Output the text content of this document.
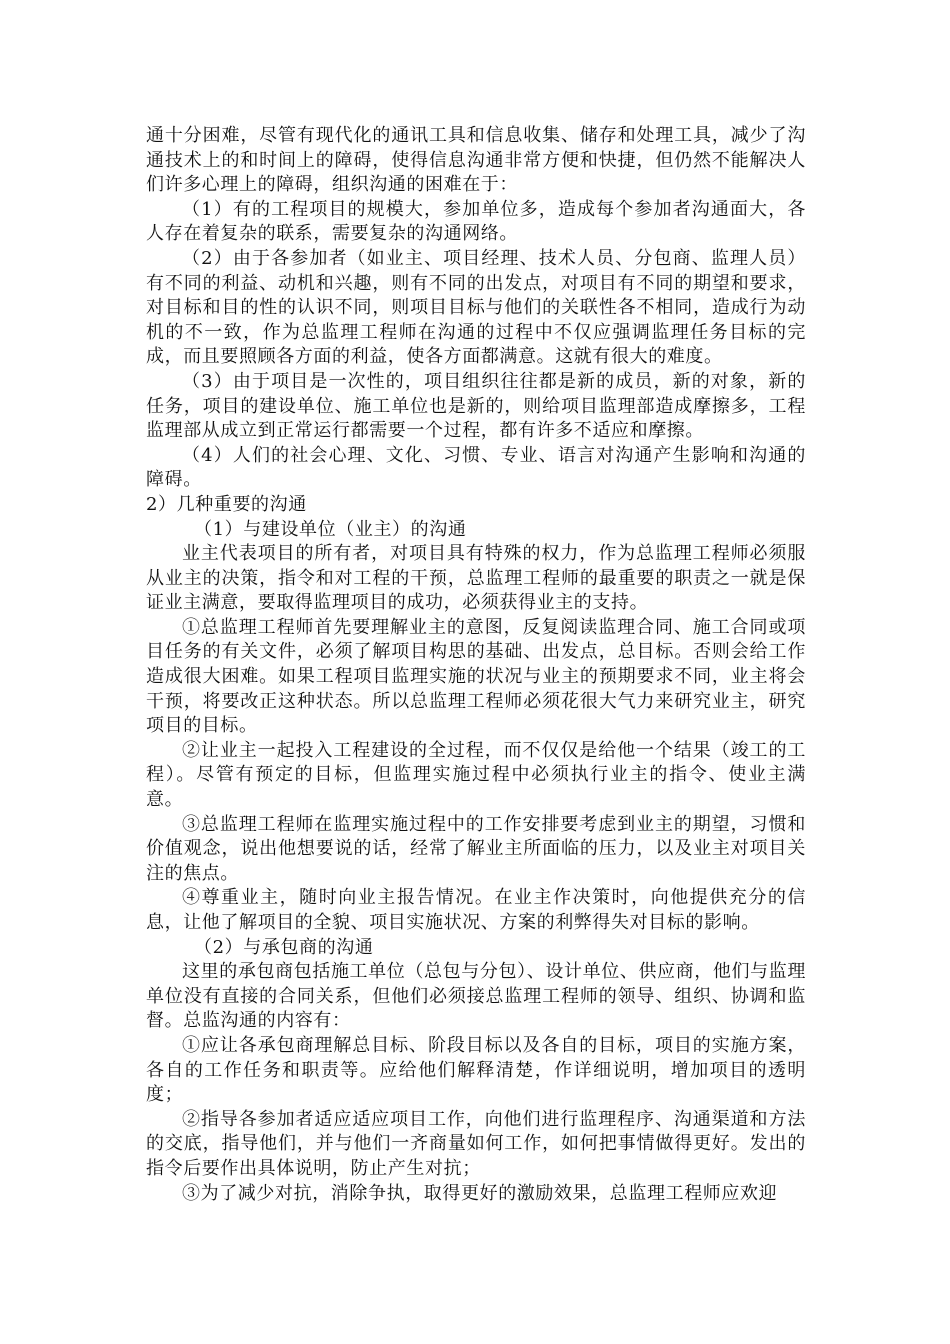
通十分困难，尽管有现代化的通讯工具和信息收集、储存和处理工具，减少了沟通技术上的和时间上的障碍，使得信息沟通非常方便和快捷，但仍然不能解决人们许多心理上的障碍，组织沟通的困难在于：

（1）有的工程项目的规模大，参加单位多，造成每个参加者沟通面大，各人存在着复杂的联系，需要复杂的沟通网络。

（2）由于各参加者（如业主、项目经理、技术人员、分包商、监理人员）有不同的利益、动机和兴趣，则有不同的出发点，对项目有不同的期望和要求，对目标和目的性的认识不同，则项目目标与他们的关联性各不相同，造成行为动机的不一致，作为总监理工程师在沟通的过程中不仅应强调监理任务目标的完成，而且要照顾各方面的利益，使各方面都满意。这就有很大的难度。

（3）由于项目是一次性的，项目组织往往都是新的成员，新的对象，新的任务，项目的建设单位、施工单位也是新的，则给项目监理部造成摩擦多，工程监理部从成立到正常运行都需要一个过程，都有许多不适应和摩擦。

（4）人们的社会心理、文化、习惯、专业、语言对沟通产生影响和沟通的障碍。

2）几种重要的沟通

（1）与建设单位（业主）的沟通

业主代表项目的所有者，对项目具有特殊的权力，作为总监理工程师必须服从业主的决策，指令和对工程的干预，总监理工程师的最重要的职责之一就是保证业主满意，要取得监理项目的成功，必须获得业主的支持。

①总监理工程师首先要理解业主的意图，反复阅读监理合同、施工合同或项目任务的有关文件，必须了解项目构思的基础、出发点，总目标。否则会给工作造成很大困难。如果工程项目监理实施的状况与业主的预期要求不同，业主将会干预，将要改正这种状态。所以总监理工程师必须花很大气力来研究业主，研究项目的目标。

②让业主一起投入工程建设的全过程，而不仅仅是给他一个结果（竣工的工程）。尽管有预定的目标，但监理实施过程中必须执行业主的指令、使业主满意。

③总监理工程师在监理实施过程中的工作安排要考虑到业主的期望，习惯和价值观念，说出他想要说的话，经常了解业主所面临的压力，以及业主对项目关注的焦点。

④尊重业主，随时向业主报告情况。在业主作决策时，向他提供充分的信息，让他了解项目的全貌、项目实施状况、方案的利弊得失对目标的影响。

（2）与承包商的沟通

这里的承包商包括施工单位（总包与分包）、设计单位、供应商，他们与监理单位没有直接的合同关系，但他们必须接总监理工程师的领导、组织、协调和监督。总监沟通的内容有：

①应让各承包商理解总目标、阶段目标以及各自的目标，项目的实施方案，各自的工作任务和职责等。应给他们解释清楚，作详细说明，增加项目的透明度；

②指导各参加者适应适应项目工作，向他们进行监理程序、沟通渠道和方法的交底，指导他们，并与他们一齐商量如何工作，如何把事情做得更好。发出的指令后要作出具体说明，防止产生对抗；

③为了减少对抗，消除争执，取得更好的激励效果，总监理工程师应欢迎
